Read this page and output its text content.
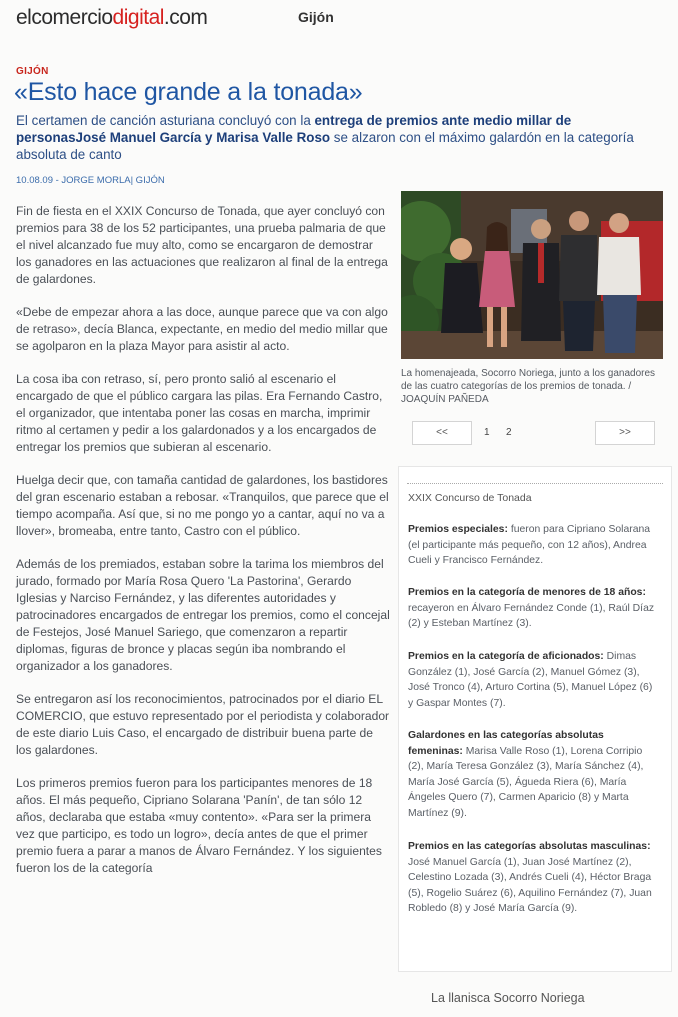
elcomerciodigital.com	Gijón
GIJÓN
«Esto hace grande a la tonada»
El certamen de canción asturiana concluyó con la entrega de premios ante medio millar de personasJosé Manuel García y Marisa Valle Roso se alzaron con el máximo galardón en la categoría absoluta de canto
10.08.09 - JORGE MORLA| GIJÓN

Fin de fiesta en el XXIX Concurso de Tonada, que ayer concluyó con premios para 38 de los 52 participantes, una prueba palmaria de que el nivel alcanzado fue muy alto, como se encargaron de demostrar los ganadores en las actuaciones que realizaron al final de la entrega de galardones.

«Debe de empezar ahora a las doce, aunque parece que va con algo de retraso», decía Blanca, expectante, en medio del medio millar que se agolparon en la plaza Mayor para asistir al acto.

La cosa iba con retraso, sí, pero pronto salió al escenario el encargado de que el público cargara las pilas. Era Fernando Castro, el organizador, que intentaba poner las cosas en marcha, imprimir ritmo al certamen y pedir a los galardonados y a los encargados de entregar los premios que subieran al escenario.

Huelga decir que, con tamaña cantidad de galardones, los bastidores del gran escenario estaban a rebosar. «Tranquilos, que parece que el tiempo acompaña. Así que, si no me pongo yo a cantar, aquí no va a llover», bromeaba, entre tanto, Castro con el público.

Además de los premiados, estaban sobre la tarima los miembros del jurado, formado por María Rosa Quero 'La Pastorina', Gerardo Iglesias y Narciso Fernández, y las diferentes autoridades y patrocinadores encargados de entregar los premios, como el concejal de Festejos, José Manuel Sariego, que comenzaron a repartir diplomas, figuras de bronce y placas según iba nombrando el organizador a los ganadores.

Se entregaron así los reconocimientos, patrocinados por el diario EL COMERCIO, que estuvo representado por el periodista y colaborador de este diario Luis Caso, el encargado de distribuir buena parte de los galardones.

Los primeros premios fueron para los participantes menores de 18 años. El más pequeño, Cipriano Solarana 'Panín', de tan sólo 12 años, declaraba que estaba «muy contento». «Para ser la primera vez que participo, es todo un logro», decía antes de que el primer premio fuera a parar a manos de Álvaro Fernández. Y los siguientes fueron los de la categoría

La homenajeada, Socorro Noriega, junto a los ganadores de las cuatro categorías de los premios de tonada. / JOAQUÍN PAÑEDA
<<	1 2	>>
XXIX Concurso de Tonada
Premios especiales: fueron para Cipriano Solarana (el participante más pequeño, con 12 años), Andrea Cueli y Francisco Fernández.
Premios en la categoría de menores de 18 años: recayeron en Álvaro Fernández Conde (1), Raúl Díaz (2) y Esteban Martínez (3).
Premios en la categoría de aficionados: Dimas González (1), José García (2), Manuel Gómez (3), José Tronco (4), Arturo Cortina (5), Manuel López (6) y Gaspar Montes (7).
Galardones en las categorías absolutas femeninas: Marisa Valle Roso (1), Lorena Corripio (2), María Teresa González (3), María Sánchez (4), María José García (5), Águeda Riera (6), María Ángeles Quero (7), Carmen Aparicio (8) y Marta Martínez (9).
Premios en las categorías absolutas masculinas: José Manuel García (1), Juan José Martínez (2), Celestino Lozada (3), Andrés Cueli (4), Héctor Braga (5), Rogelio Suárez (6), Aquilino Fernández (7), Juan Robledo (8) y José María García (9).
La llanisca Socorro Noriega
